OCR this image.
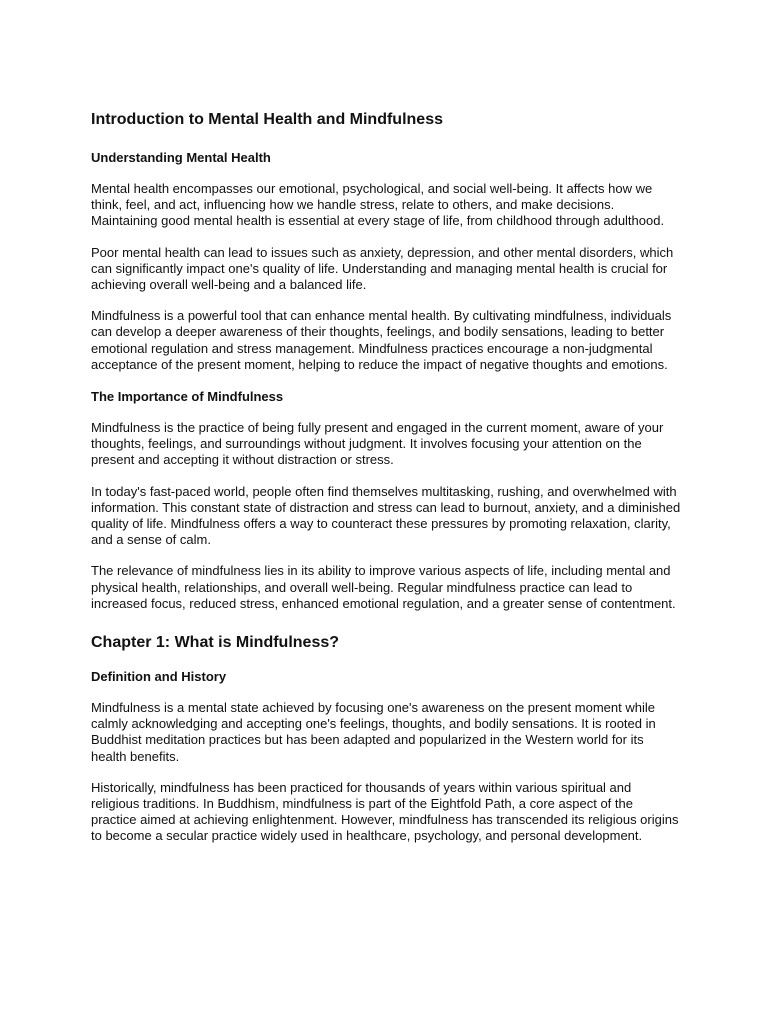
Introduction to Mental Health and Mindfulness
Understanding Mental Health

Mental health encompasses our emotional, psychological, and social well-being. It affects how we think, feel, and act, influencing how we handle stress, relate to others, and make decisions. Maintaining good mental health is essential at every stage of life, from childhood through adulthood.

Poor mental health can lead to issues such as anxiety, depression, and other mental disorders, which can significantly impact one's quality of life. Understanding and managing mental health is crucial for achieving overall well-being and a balanced life.

Mindfulness is a powerful tool that can enhance mental health. By cultivating mindfulness, individuals can develop a deeper awareness of their thoughts, feelings, and bodily sensations, leading to better emotional regulation and stress management. Mindfulness practices encourage a non-judgmental acceptance of the present moment, helping to reduce the impact of negative thoughts and emotions.

The Importance of Mindfulness

Mindfulness is the practice of being fully present and engaged in the current moment, aware of your thoughts, feelings, and surroundings without judgment. It involves focusing your attention on the present and accepting it without distraction or stress.

In today's fast-paced world, people often find themselves multitasking, rushing, and overwhelmed with information. This constant state of distraction and stress can lead to burnout, anxiety, and a diminished quality of life. Mindfulness offers a way to counteract these pressures by promoting relaxation, clarity, and a sense of calm.

The relevance of mindfulness lies in its ability to improve various aspects of life, including mental and physical health, relationships, and overall well-being. Regular mindfulness practice can lead to increased focus, reduced stress, enhanced emotional regulation, and a greater sense of contentment.

Chapter 1: What is Mindfulness?
Definition and History

Mindfulness is a mental state achieved by focusing one's awareness on the present moment while calmly acknowledging and accepting one's feelings, thoughts, and bodily sensations. It is rooted in Buddhist meditation practices but has been adapted and popularized in the Western world for its health benefits.

Historically, mindfulness has been practiced for thousands of years within various spiritual and religious traditions. In Buddhism, mindfulness is part of the Eightfold Path, a core aspect of the practice aimed at achieving enlightenment. However, mindfulness has transcended its religious origins to become a secular practice widely used in healthcare, psychology, and personal development.
